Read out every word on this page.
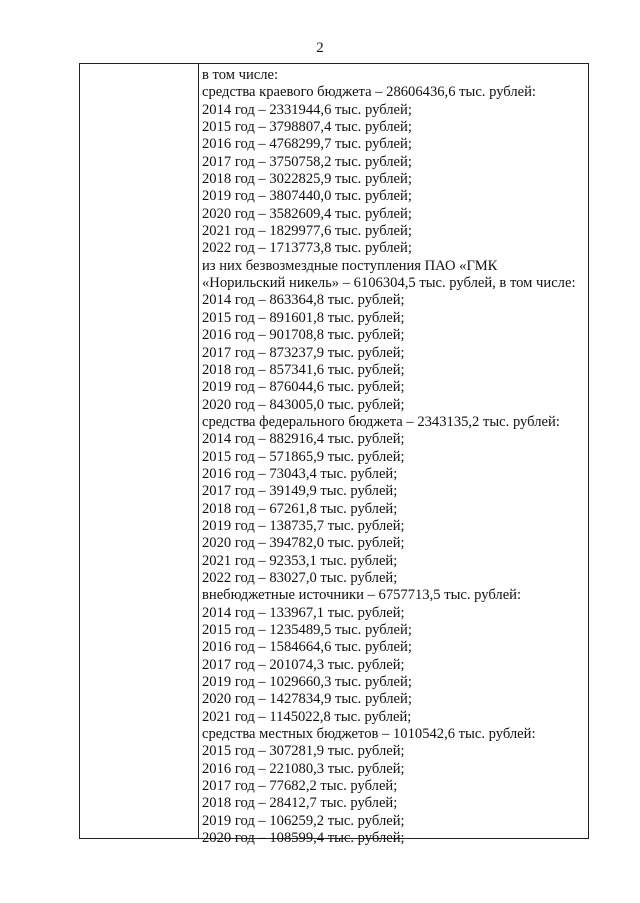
2
в том числе:
средства краевого бюджета – 28606436,6 тыс. рублей:
2014 год – 2331944,6 тыс. рублей;
2015 год – 3798807,4 тыс. рублей;
2016 год – 4768299,7 тыс. рублей;
2017 год – 3750758,2 тыс. рублей;
2018 год – 3022825,9 тыс. рублей;
2019 год – 3807440,0 тыс. рублей;
2020 год – 3582609,4 тыс. рублей;
2021 год – 1829977,6 тыс. рублей;
2022 год – 1713773,8 тыс. рублей;
из них безвозмездные поступления ПАО «ГМК
«Норильский никель» – 6106304,5 тыс. рублей, в том числе:
2014 год – 863364,8 тыс. рублей;
2015 год – 891601,8 тыс. рублей;
2016 год – 901708,8 тыс. рублей;
2017 год – 873237,9 тыс. рублей;
2018 год – 857341,6 тыс. рублей;
2019 год – 876044,6 тыс. рублей;
2020 год – 843005,0 тыс. рублей;
средства федерального бюджета – 2343135,2 тыс. рублей:
2014 год – 882916,4 тыс. рублей;
2015 год – 571865,9 тыс. рублей;
2016 год – 73043,4 тыс. рублей;
2017 год – 39149,9 тыс. рублей;
2018 год – 67261,8 тыс. рублей;
2019 год – 138735,7 тыс. рублей;
2020 год – 394782,0 тыс. рублей;
2021 год – 92353,1 тыс. рублей;
2022 год – 83027,0 тыс. рублей;
внебюджетные источники – 6757713,5 тыс. рублей:
2014 год – 133967,1 тыс. рублей;
2015 год – 1235489,5 тыс. рублей;
2016 год – 1584664,6 тыс. рублей;
2017 год – 201074,3 тыс. рублей;
2019 год – 1029660,3 тыс. рублей;
2020 год – 1427834,9 тыс. рублей;
2021 год – 1145022,8 тыс. рублей;
средства местных бюджетов – 1010542,6 тыс. рублей:
2015 год – 307281,9 тыс. рублей;
2016 год – 221080,3 тыс. рублей;
2017 год – 77682,2 тыс. рублей;
2018 год – 28412,7 тыс. рублей;
2019 год – 106259,2 тыс. рублей;
2020 год – 108599,4 тыс. рублей;
